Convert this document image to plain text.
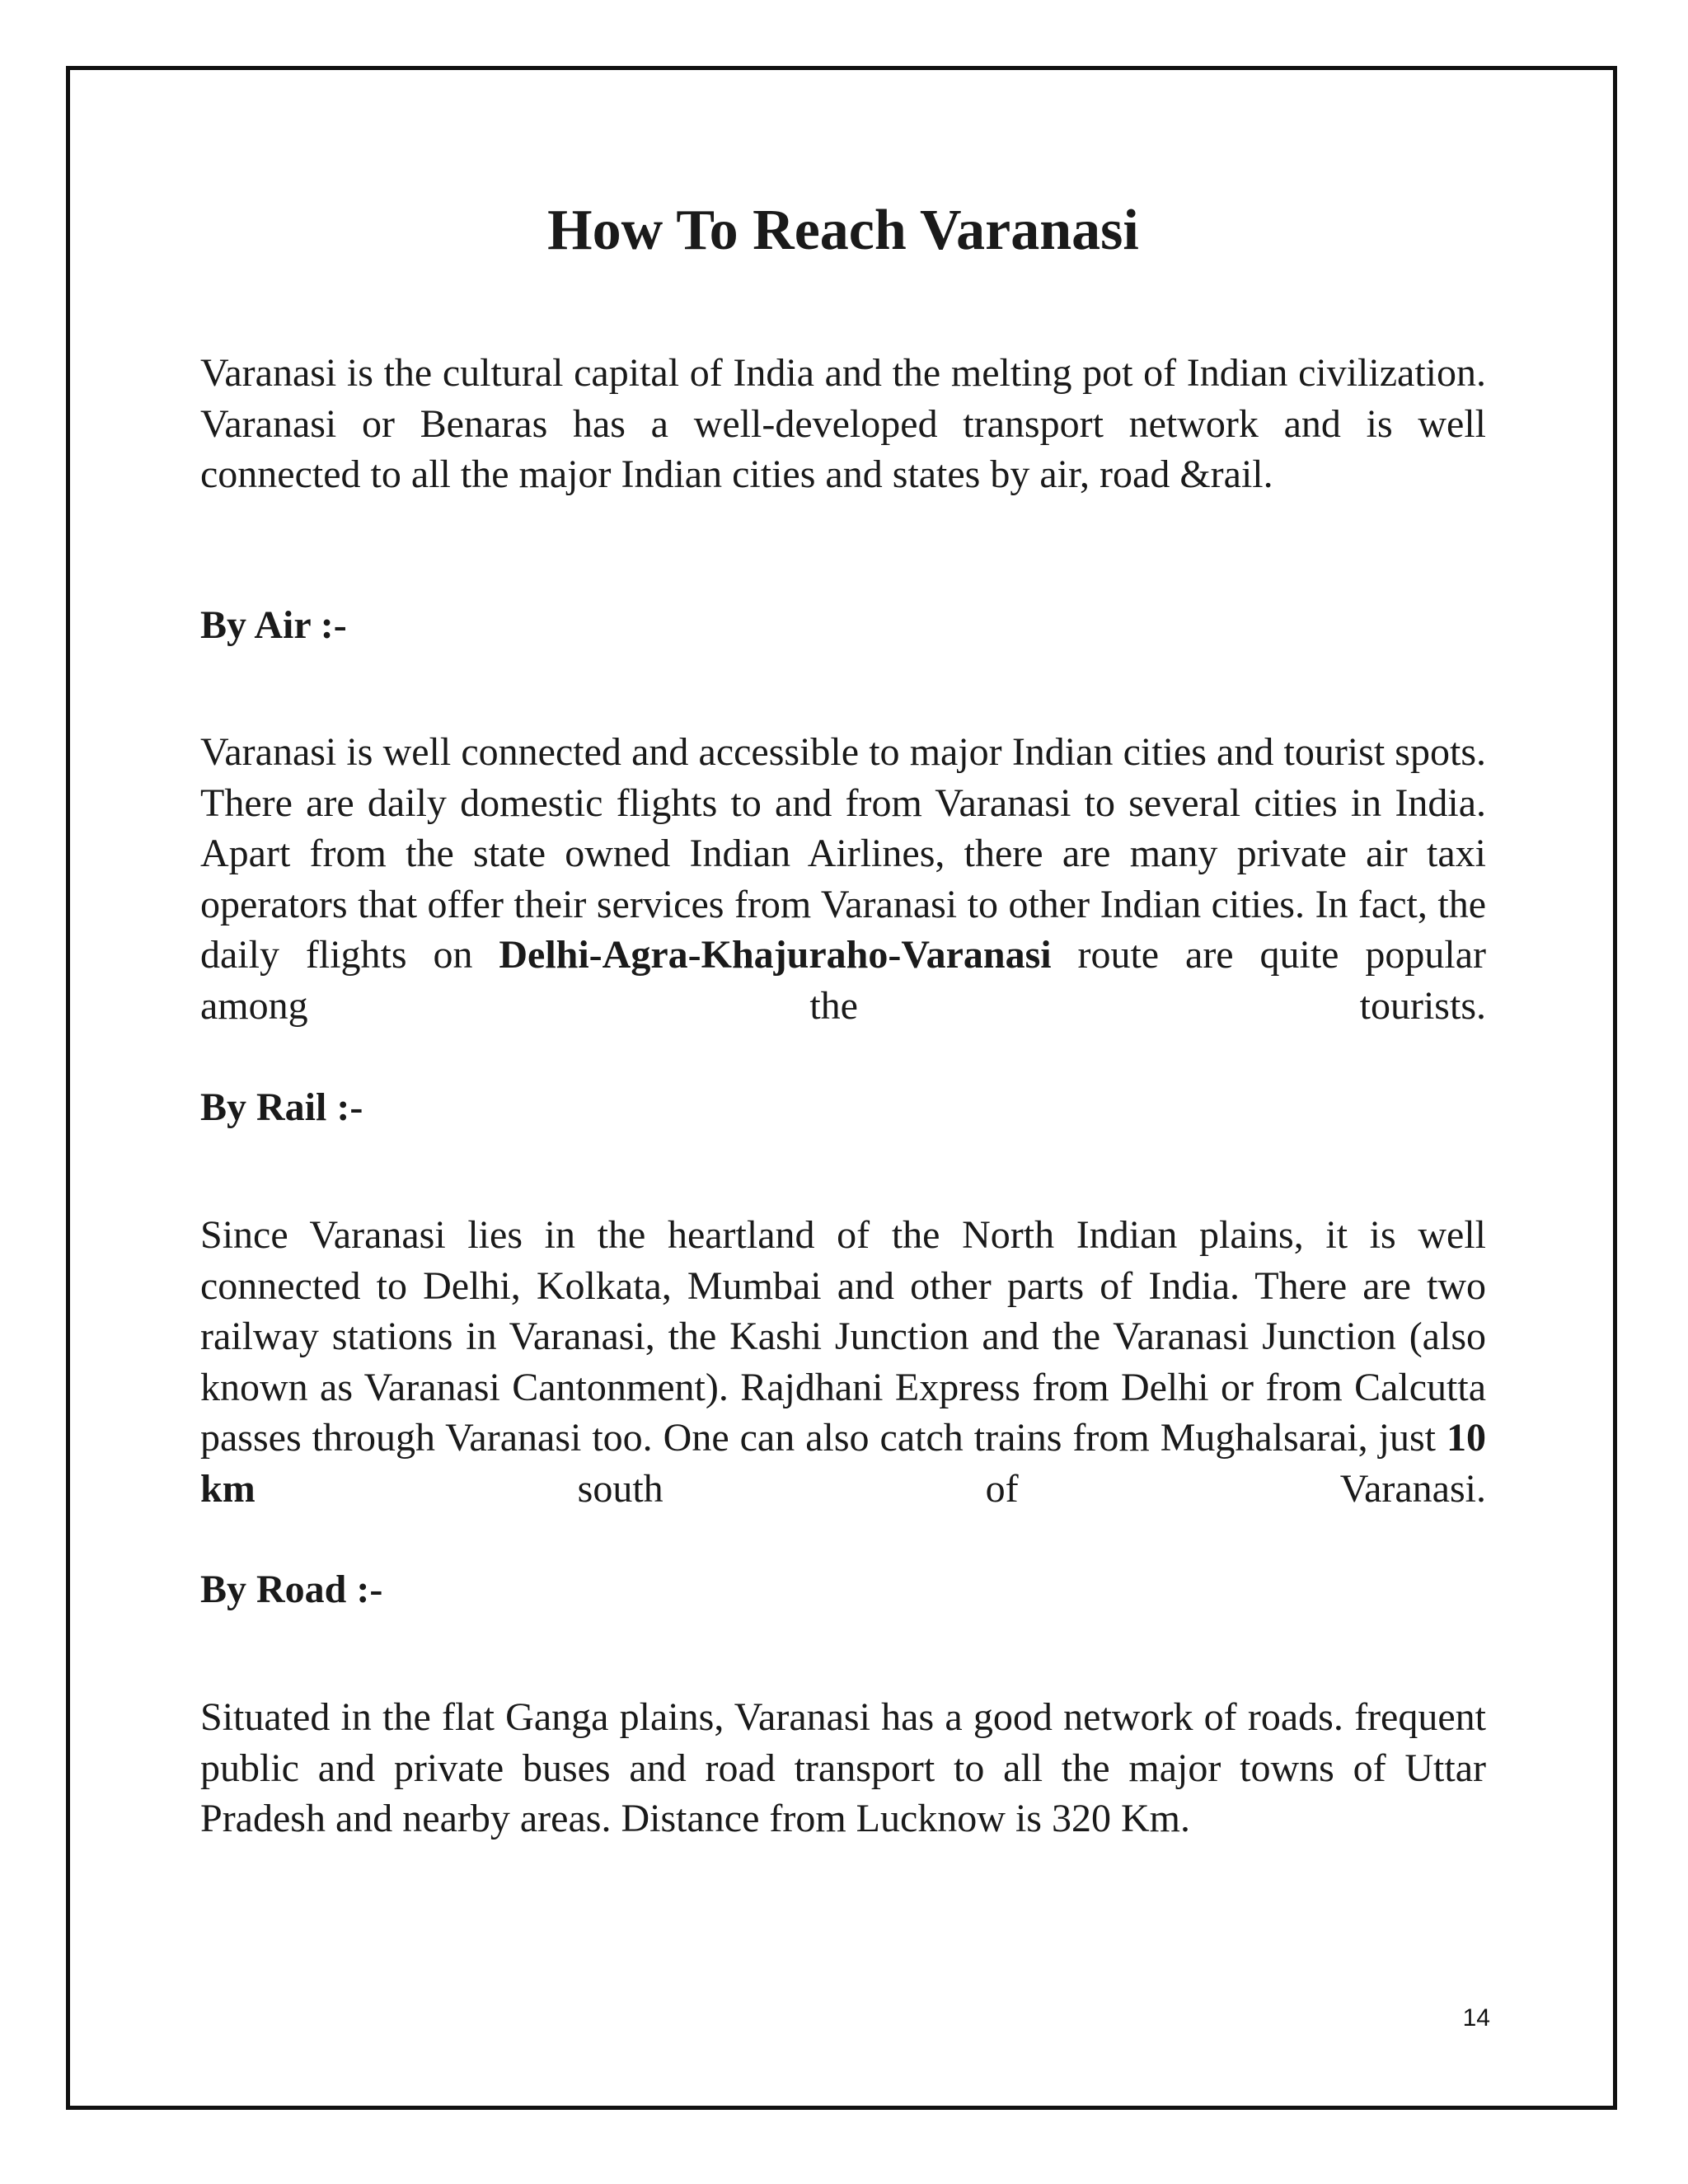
How To Reach Varanasi

Varanasi is the cultural capital of India and the melting pot of Indian civilization. Varanasi or Benaras has a well-developed transport network and is well connected to all the major Indian cities and states by air, road &rail.

By Air :-

Varanasi is well connected and accessible to major Indian cities and tourist spots. There are daily domestic flights to and from Varanasi to several cities in India. Apart from the state owned Indian Airlines, there are many private air taxi operators that offer their services from Varanasi to other Indian cities. In fact, the daily flights on Delhi-Agra-Khajuraho-Varanasi route are quite popular among the tourists.

By Rail :-

Since Varanasi lies in the heartland of the North Indian plains, it is well connected to Delhi, Kolkata, Mumbai and other parts of India. There are two railway stations in Varanasi, the Kashi Junction and the Varanasi Junction (also known as Varanasi Cantonment). Rajdhani Express from Delhi or from Calcutta passes through Varanasi too. One can also catch trains from Mughalsarai, just 10 km south of Varanasi.

By Road :-

Situated in the flat Ganga plains, Varanasi has a good network of roads. frequent public and private buses and road transport to all the major towns of Uttar Pradesh and nearby areas. Distance from Lucknow is 320 Km.

14
